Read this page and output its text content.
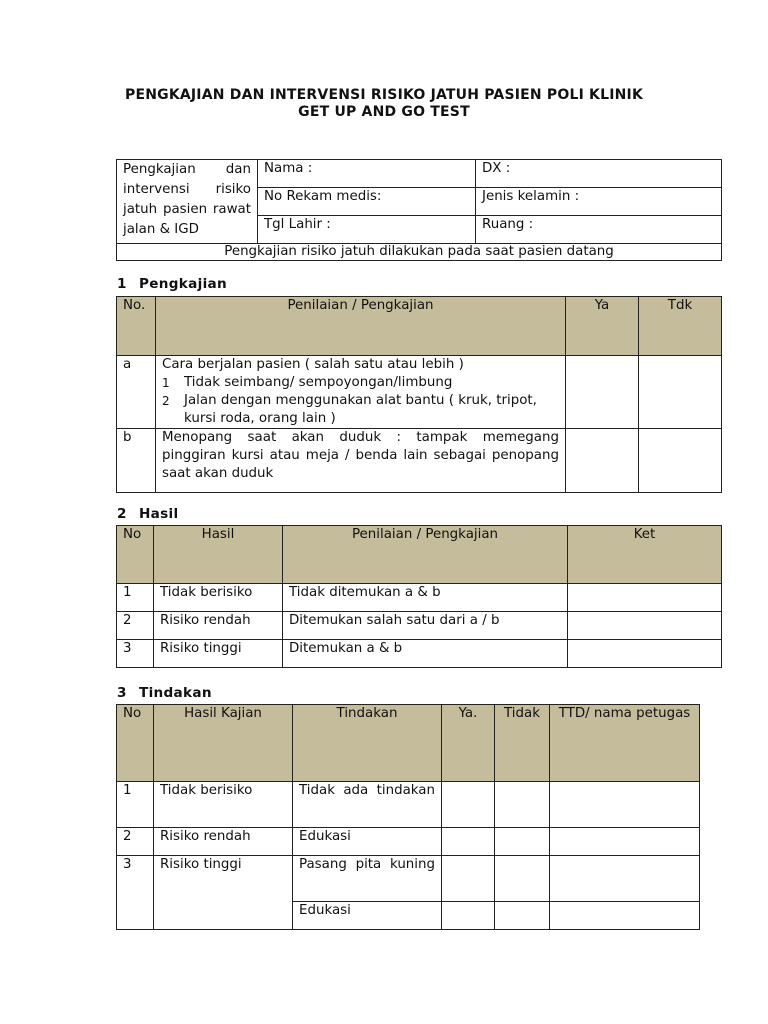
PENGKAJIAN DAN INTERVENSI RISIKO JATUH PASIEN POLI KLINIK
GET UP AND GO TEST
Pengkajian dan intervensi risiko jatuh pasien rawat jalan & IGD	Nama :	DX :
	No Rekam medis:	Jenis kelamin :
	Tgl Lahir :	Ruang :
Pengkajian risiko jatuh dilakukan pada saat pasien datang		
1 Pengkajian
No.	Penilaian / Pengkajian	Ya	Tdk
a	Cara berjalan pasien ( salah satu atau lebih )
1 Tidak seimbang/ sempoyongan/limbung
2 Jalan dengan menggunakan alat bantu ( kruk, tripot, kursi roda, orang lain )		

b	Menopang saat akan duduk : tampak memegang pinggiran kursi atau meja / benda lain sebagai penopang saat akan duduk		
2 Hasil
No	Hasil	Penilaian / Pengkajian	Ket
1	Tidak berisiko	Tidak ditemukan a & b	
2	Risiko rendah	Ditemukan salah satu dari a / b	
3	Risiko tinggi	Ditemukan a & b	
3 Tindakan
No	Hasil Kajian	Tindakan	Ya.	Tidak	TTD/ nama petugas
1	Tidak berisiko	Tidak ada tindakan			
2	Risiko rendah	Edukasi			
3	Risiko tinggi	Pasang pita kuning			
		Edukasi			
